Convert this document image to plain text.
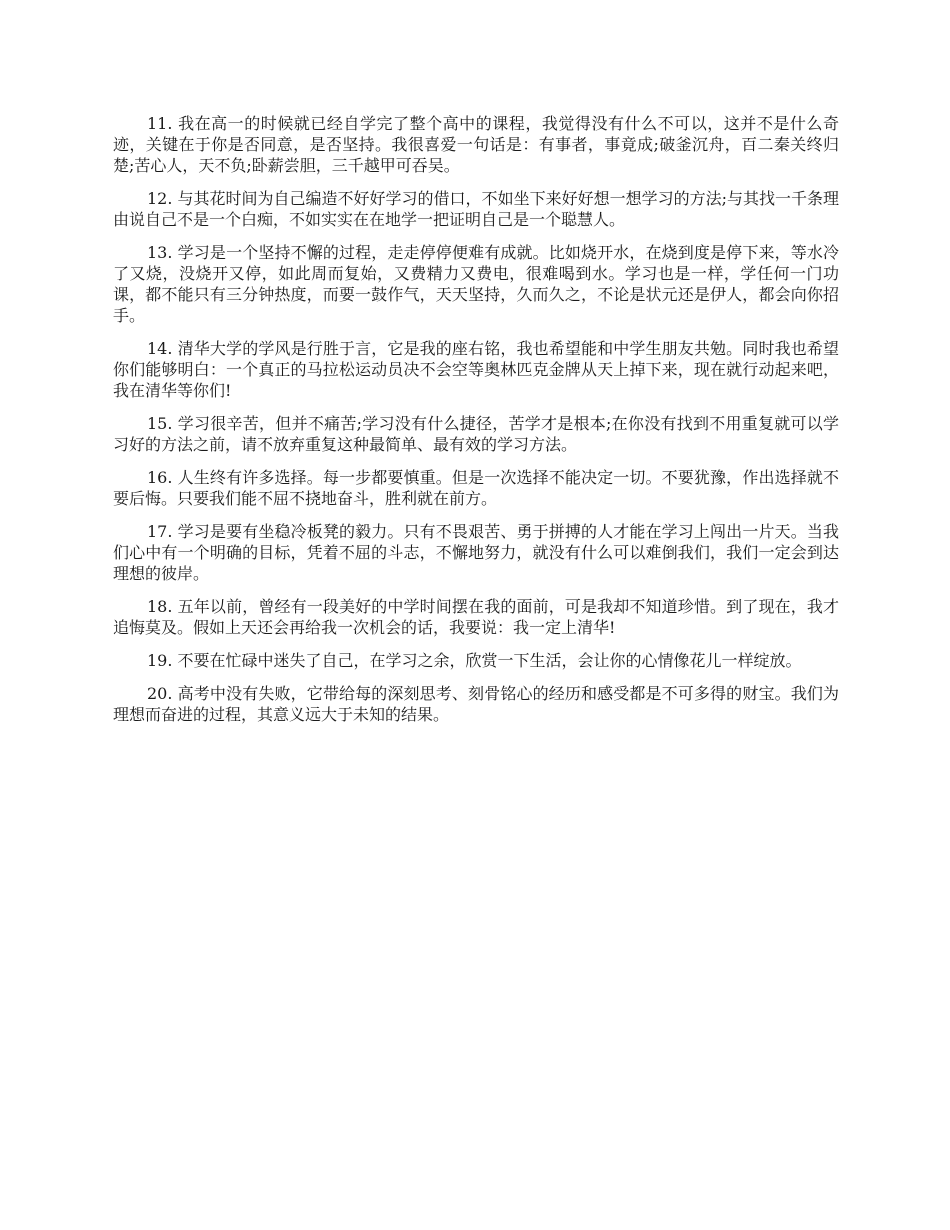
11. 我在高一的时候就已经自学完了整个高中的课程，我觉得没有什么不可以，这并不是什么奇迹，关键在于你是否同意，是否坚持。我很喜爱一句话是：有事者，事竟成;破釜沉舟，百二秦关终归楚;苦心人，天不负;卧薪尝胆，三千越甲可吞吴。

12. 与其花时间为自己编造不好好学习的借口，不如坐下来好好想一想学习的方法;与其找一千条理由说自己不是一个白痴，不如实实在在地学一把证明自己是一个聪慧人。

13. 学习是一个坚持不懈的过程，走走停停便难有成就。比如烧开水，在烧到度是停下来，等水冷了又烧，没烧开又停，如此周而复始，又费精力又费电，很难喝到水。学习也是一样，学任何一门功课，都不能只有三分钟热度，而要一鼓作气，天天坚持，久而久之，不论是状元还是伊人，都会向你招手。

14. 清华大学的学风是行胜于言，它是我的座右铭，我也希望能和中学生朋友共勉。同时我也希望你们能够明白：一个真正的马拉松运动员决不会空等奥林匹克金牌从天上掉下来，现在就行动起来吧，我在清华等你们!

15. 学习很辛苦，但并不痛苦;学习没有什么捷径，苦学才是根本;在你没有找到不用重复就可以学习好的方法之前，请不放弃重复这种最简单、最有效的学习方法。

16. 人生终有许多选择。每一步都要慎重。但是一次选择不能决定一切。不要犹豫，作出选择就不要后悔。只要我们能不屈不挠地奋斗，胜利就在前方。

17. 学习是要有坐稳冷板凳的毅力。只有不畏艰苦、勇于拼搏的人才能在学习上闯出一片天。当我们心中有一个明确的目标，凭着不屈的斗志，不懈地努力，就没有什么可以难倒我们，我们一定会到达理想的彼岸。

18. 五年以前，曾经有一段美好的中学时间摆在我的面前，可是我却不知道珍惜。到了现在，我才追悔莫及。假如上天还会再给我一次机会的话，我要说：我一定上清华!

19. 不要在忙碌中迷失了自己，在学习之余，欣赏一下生活，会让你的心情像花儿一样绽放。

20. 高考中没有失败，它带给每的深刻思考、刻骨铭心的经历和感受都是不可多得的财宝。我们为理想而奋进的过程，其意义远大于未知的结果。
